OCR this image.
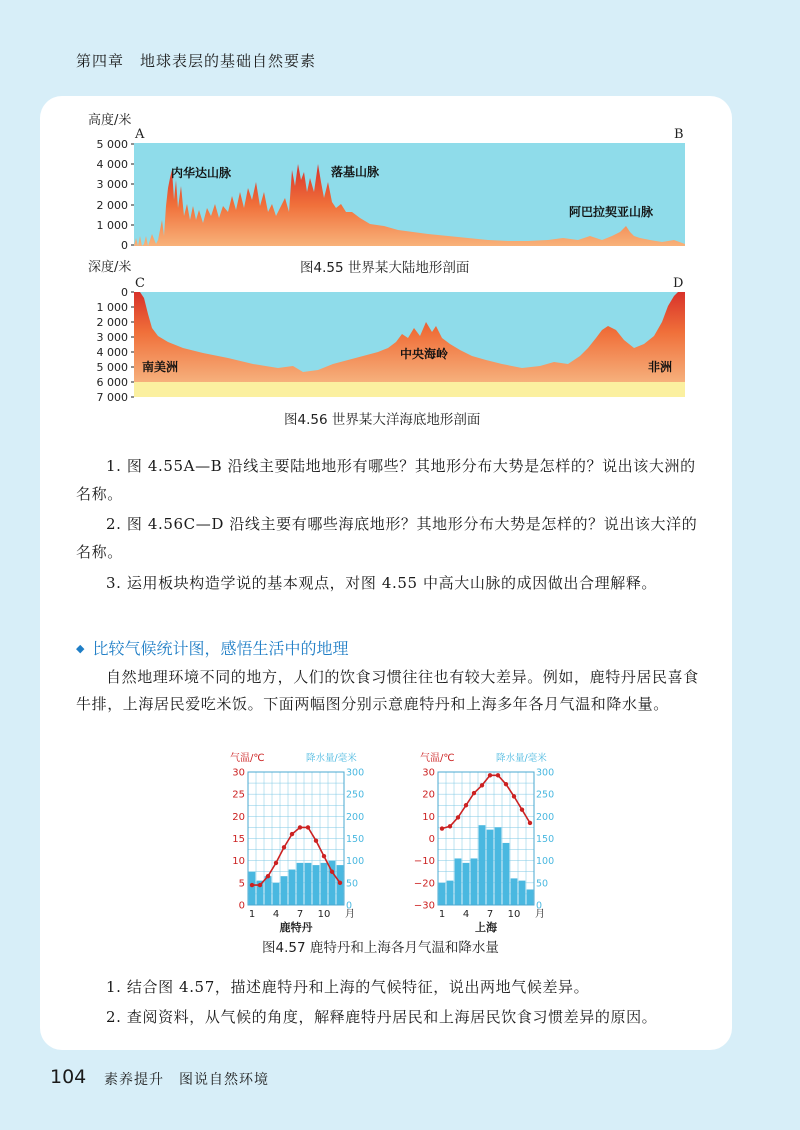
第四章　地球表层的基础自然要素
高度/米
A	B
5 000
4 000
3 000
2 000
1 000
0
内华达山脉	落基山脉
阿巴拉契亚山脉
图4.55 世界某大陆地形剖面
深度/米
C	D
0
1 000
2 000
3 000
4 000
5 000
6 000
7 000
南美洲
中央海岭
非洲
图4.56 世界某大洋海底地形剖面

1. 图 4.55A—B 沿线主要陆地地形有哪些？其地形分布大势是怎样的？说出该大洲的名称。

2. 图 4.56C—D 沿线主要有哪些海底地形？其地形分布大势是怎样的？说出该大洋的名称。

3. 运用板块构造学说的基本观点，对图 4.55 中高大山脉的成因做出合理解释。

◆ 比较气候统计图，感悟生活中的地理

自然地理环境不同的地方，人们的饮食习惯往往也有较大差异。例如，鹿特丹居民喜食牛排，上海居民爱吃米饭。下面两幅图分别示意鹿特丹和上海多年各月气温和降水量。

气温/℃	降水量/毫米
30
25
20
15
10
5
0
300
250
200
150
100
50
0
1 4 7 10 月
鹿特丹
气温/℃	降水量/毫米
30
20
10
0
−10
−20
−30
300
250
200
150
100
50
0
1 4 7 10 月
上海
图4.57 鹿特丹和上海各月气温和降水量

1. 结合图 4.57，描述鹿特丹和上海的气候特征，说出两地气候差异。

2. 查阅资料，从气候的角度，解释鹿特丹居民和上海居民饮食习惯差异的原因。

104 素养提升　图说自然环境
